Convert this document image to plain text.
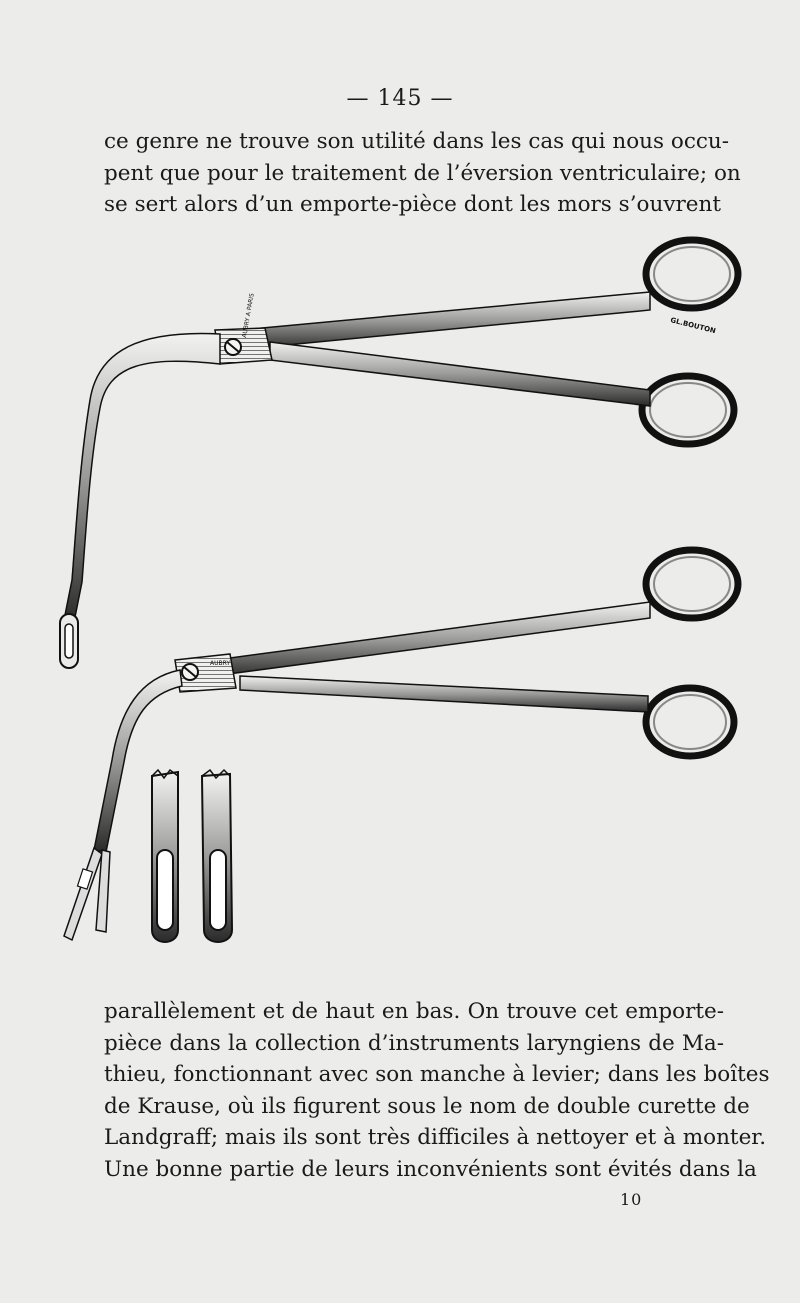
— 145 —
ce genre ne trouve son utilité dans les cas qui nous occu-
pent que pour le traitement de l’éversion ventriculaire; on
se sert alors d’un emporte-pièce dont les mors s’ouvrent
AUBRY A PARIS	GL.BOUTON
AUBRY
parallèlement et de haut en bas. On trouve cet emporte-
pièce dans la collection d’instruments laryngiens de Ma-
thieu, fonctionnant avec son manche à levier; dans les boîtes
de Krause, où ils figurent sous le nom de double curette de
Landgraff; mais ils sont très difficiles à nettoyer et à monter.
Une bonne partie de leurs inconvénients sont évités dans la
10
